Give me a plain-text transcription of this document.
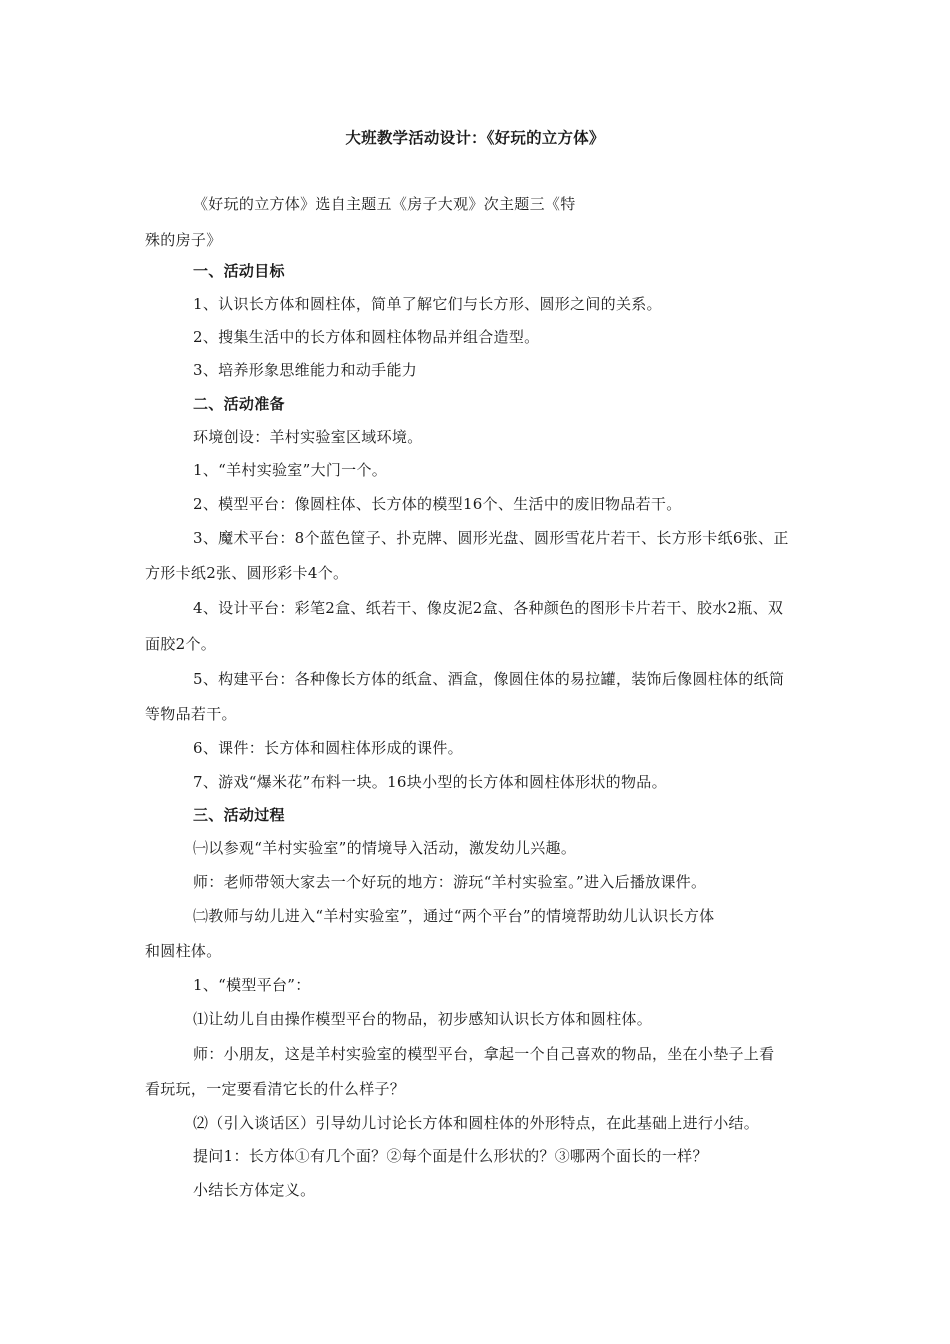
大班教学活动设计：《好玩的立方体》
《好玩的立方体》选自主题五《房子大观》次主题三《特
殊的房子》
一、活动目标
1、认识长方体和圆柱体，简单了解它们与长方形、圆形之间的关系。
2、搜集生活中的长方体和圆柱体物品并组合造型。
3、培养形象思维能力和动手能力
二、活动准备
环境创设：羊村实验室区域环境。
1、“羊村实验室”大门一个。
2、模型平台：像圆柱体、长方体的模型16个、生活中的废旧物品若干。
3、魔术平台：8个蓝色筐子、扑克牌、圆形光盘、圆形雪花片若干、长方形卡纸6张、正
方形卡纸2张、圆形彩卡4个。
4、设计平台：彩笔2盒、纸若干、像皮泥2盒、各种颜色的图形卡片若干、胶水2瓶、双
面胶2个。
5、构建平台：各种像长方体的纸盒、酒盒，像圆住体的易拉罐，装饰后像圆柱体的纸筒
等物品若干。
6、课件：长方体和圆柱体形成的课件。
7、游戏“爆米花”布料一块。16块小型的长方体和圆柱体形状的物品。
三、活动过程
㈠以参观“羊村实验室”的情境导入活动，激发幼儿兴趣。
师：老师带领大家去一个好玩的地方：游玩“羊村实验室。”进入后播放课件。
㈡教师与幼儿进入“羊村实验室”，通过“两个平台”的情境帮助幼儿认识长方体
和圆柱体。
1、“模型平台”：
⑴让幼儿自由操作模型平台的物品，初步感知认识长方体和圆柱体。
师：小朋友，这是羊村实验室的模型平台，拿起一个自己喜欢的物品，坐在小垫子上看
看玩玩，一定要看清它长的什么样子？
⑵（引入谈话区）引导幼儿讨论长方体和圆柱体的外形特点，在此基础上进行小结。
提问1：长方体①有几个面？②每个面是什么形状的？③哪两个面长的一样？
小结长方体定义。
